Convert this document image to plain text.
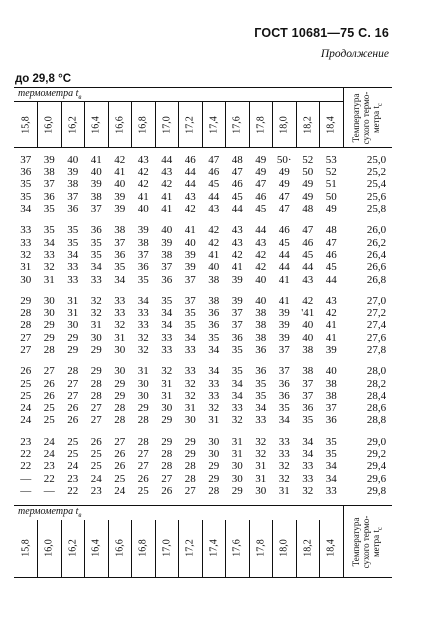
ГОСТ 10681—75 С. 16
Продолжение
до 29,8 °С
термометра $t_в$														Температура сухого термо- метра $t_с$

15,8	16,0	16,2	16,4	16,6	16,8	17,0	17,2	17,4	17,6	17,8	18,0	18,2	18,4	

37	39	40	41	42	43	44	46	47	48	49	50·	52	53	25,0
36	38	39	40	41	42	43	44	46	47	49	49	50	52	25,2
35	37	38	39	40	42	42	44	45	46	47	49	49	51	25,4
35	36	37	38	39	41	41	43	44	45	46	47	49	50	25,6
34	35	36	37	39	40	41	42	43	44	45	47	48	49	25,8
33	35	35	36	38	39	40	41	42	43	44	46	47	48	26,0
33	34	35	35	37	38	39	40	42	43	43	45	46	47	26,2
32	33	34	35	36	37	38	39	41	42	42	44	45	46	26,4
31	32	33	34	35	36	37	39	40	41	42	44	44	45	26,6
30	31	33	33	34	35	36	37	38	39	40	41	43	44	26,8
29	30	31	32	33	34	35	37	38	39	40	41	42	43	27,0
28	30	31	32	33	33	34	35	36	37	38	39	'41	42	27,2
28	29	30	31	32	33	34	35	36	37	38	39	40	41	27,4
27	29	29	30	31	32	33	34	35	36	38	39	40	41	27,6
27	28	29	29	30	32	33	33	34	35	36	37	38	39	27,8
26	27	28	29	30	31	32	33	34	35	36	37	38	40	28,0
25	26	27	28	29	30	31	32	33	34	35	36	37	38	28,2
25	26	27	28	29	30	31	32	33	34	35	36	37	38	28,4
24	25	26	27	28	29	30	31	32	33	34	35	36	37	28,6
24	25	26	27	28	28	29	30	31	32	33	34	35	36	28,8
23	24	25	26	27	28	29	29	30	31	32	33	34	35	29,0
22	24	25	25	26	27	28	29	30	31	32	33	34	35	29,2
22	23	24	25	26	27	28	28	29	30	31	32	33	34	29,4
—	22	23	24	25	26	27	28	29	30	31	32	33	34	29,6
—	—	22	23	24	25	26	27	28	29	30	31	32	33	29,8
термометра $t_в$														Температура сухого термо- метра $t_с$

15,8	16,0	16,2	16,4	16,6	16,8	17,0	17,2	17,4	17,6	17,8	18,0	18,2	18,4	
